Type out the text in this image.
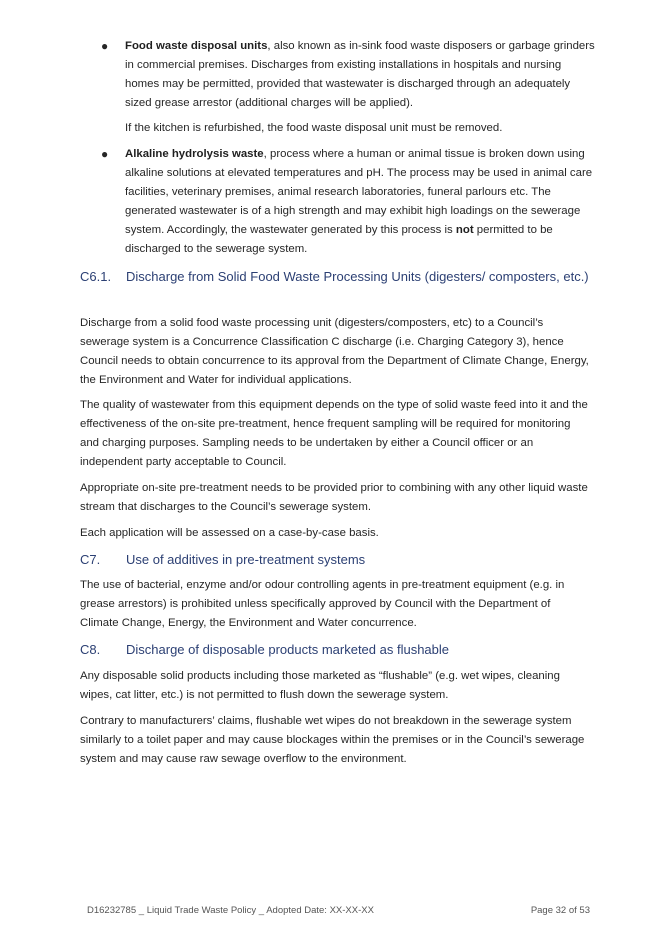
● Food waste disposal units, also known as in-sink food waste disposers or garbage grinders in commercial premises. Discharges from existing installations in hospitals and nursing homes may be permitted, provided that wastewater is discharged through an adequately sized grease arrestor (additional charges will be applied).

If the kitchen is refurbished, the food waste disposal unit must be removed.

● Alkaline hydrolysis waste, process where a human or animal tissue is broken down using alkaline solutions at elevated temperatures and pH. The process may be used in animal care facilities, veterinary premises, animal research laboratories, funeral parlours etc. The generated wastewater is of a high strength and may exhibit high loadings on the sewerage system. Accordingly, the wastewater generated by this process is not permitted to be discharged to the sewerage system.

C6.1. Discharge from Solid Food Waste Processing Units (digesters/ composters, etc.)

Discharge from a solid food waste processing unit (digesters/composters, etc) to a Council’s sewerage system is a Concurrence Classification C discharge (i.e. Charging Category 3), hence Council needs to obtain concurrence to its approval from the Department of Climate Change, Energy, the Environment and Water for individual applications.

The quality of wastewater from this equipment depends on the type of solid waste feed into it and the effectiveness of the on-site pre-treatment, hence frequent sampling will be required for monitoring and charging purposes. Sampling needs to be undertaken by either a Council officer or an independent party acceptable to Council.

Appropriate on-site pre-treatment needs to be provided prior to combining with any other liquid waste stream that discharges to the Council’s sewerage system.

Each application will be assessed on a case-by-case basis.

C7. Use of additives in pre-treatment systems

The use of bacterial, enzyme and/or odour controlling agents in pre-treatment equipment (e.g. in grease arrestors) is prohibited unless specifically approved by Council with the Department of Climate Change, Energy, the Environment and Water concurrence.

C8. Discharge of disposable products marketed as flushable

Any disposable solid products including those marketed as “flushable” (e.g. wet wipes, cleaning wipes, cat litter, etc.) is not permitted to flush down the sewerage system.

Contrary to manufacturers’ claims, flushable wet wipes do not breakdown in the sewerage system similarly to a toilet paper and may cause blockages within the premises or in the Council’s sewerage system and may cause raw sewage overflow to the environment.

D16232785 _ Liquid Trade Waste Policy _ Adopted Date: XX-XX-XX	Page 32 of 53
